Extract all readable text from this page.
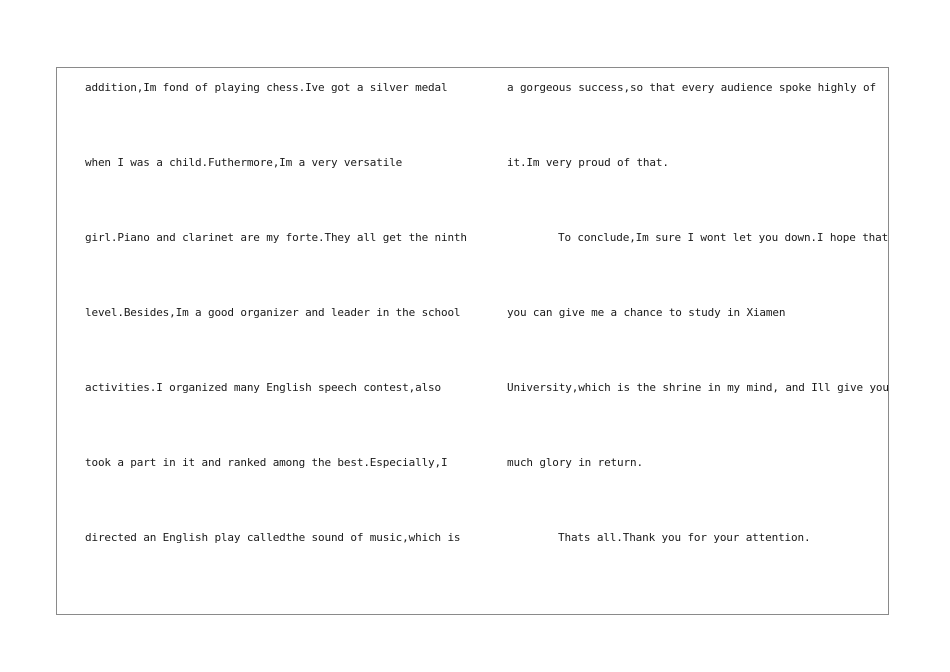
addition,Im fond of playing chess.Ive got a silver medal
when I was a child.Futhermore,Im a very versatile
girl.Piano and clarinet are my forte.They all get the ninth
level.Besides,Im a good organizer and leader in the school
activities.I organized many English speech contest,also
took a part in it and ranked among the best.Especially,I
directed an English play calledthe sound of music,which is
a gorgeous success,so that every audience spoke highly of
it.Im very proud of that.
To conclude,Im sure I wont let you down.I hope that
you can give me a chance to study in Xiamen
University,which is the shrine in my mind, and Ill give you
much glory in return.
Thats all.Thank you for your attention.
